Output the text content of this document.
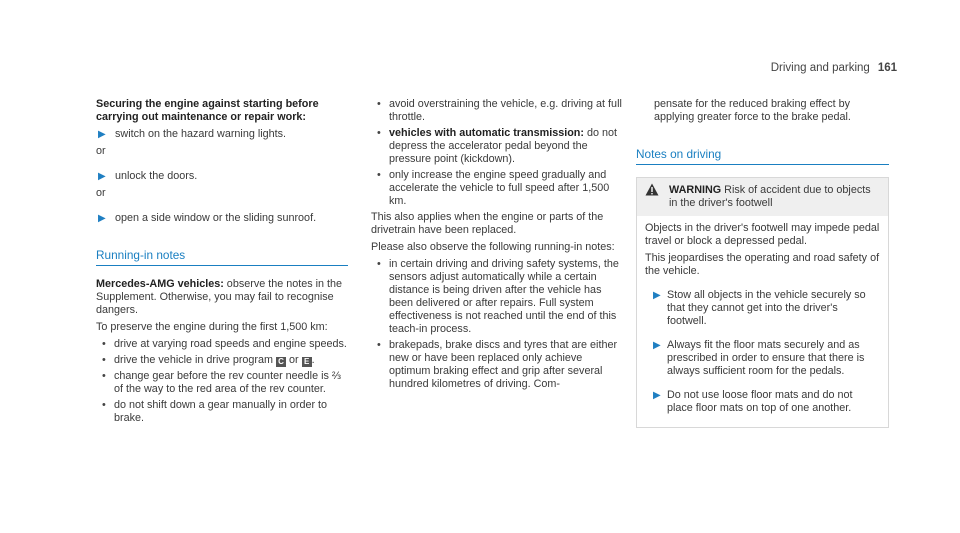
Driving and parking 161
Securing the engine against starting before carrying out maintenance or repair work:
▶ switch on the hazard warning lights.
or
▶ unlock the doors.
or
▶ open a side window or the sliding sunroof.
Running-in notes
Mercedes-AMG vehicles: observe the notes in the Supplement. Otherwise, you may fail to recognise dangers.
To preserve the engine during the first 1,500 km:
• drive at varying road speeds and engine speeds.
• drive the vehicle in drive program C or E .
• change gear before the rev counter needle is ⅔ of the way to the red area of the rev counter.
• do not shift down a gear manually in order to brake.
• avoid overstraining the vehicle, e.g. driving at full throttle.
• vehicles with automatic transmission: do not depress the accelerator pedal beyond the pressure point (kickdown).
• only increase the engine speed gradually and accelerate the vehicle to full speed after 1,500 km.
This also applies when the engine or parts of the drivetrain have been replaced.
Please also observe the following running-in notes:
• in certain driving and driving safety systems, the sensors adjust automatically while a certain distance is being driven after the vehicle has been delivered or after repairs. Full system effectiveness is not reached until the end of this teach-in process.
• brakepads, brake discs and tyres that are either new or have been replaced only achieve optimum braking effect and grip after several hundred kilometres of driving. Com-
pensate for the reduced braking effect by applying greater force to the brake pedal.
Notes on driving
WARNING Risk of accident due to objects in the driver's footwell
Objects in the driver's footwell may impede pedal travel or block a depressed pedal.
This jeopardises the operating and road safety of the vehicle.
▶ Stow all objects in the vehicle securely so that they cannot get into the driver's footwell.
▶ Always fit the floor mats securely and as prescribed in order to ensure that there is always sufficient room for the pedals.
▶ Do not use loose floor mats and do not place floor mats on top of one another.
